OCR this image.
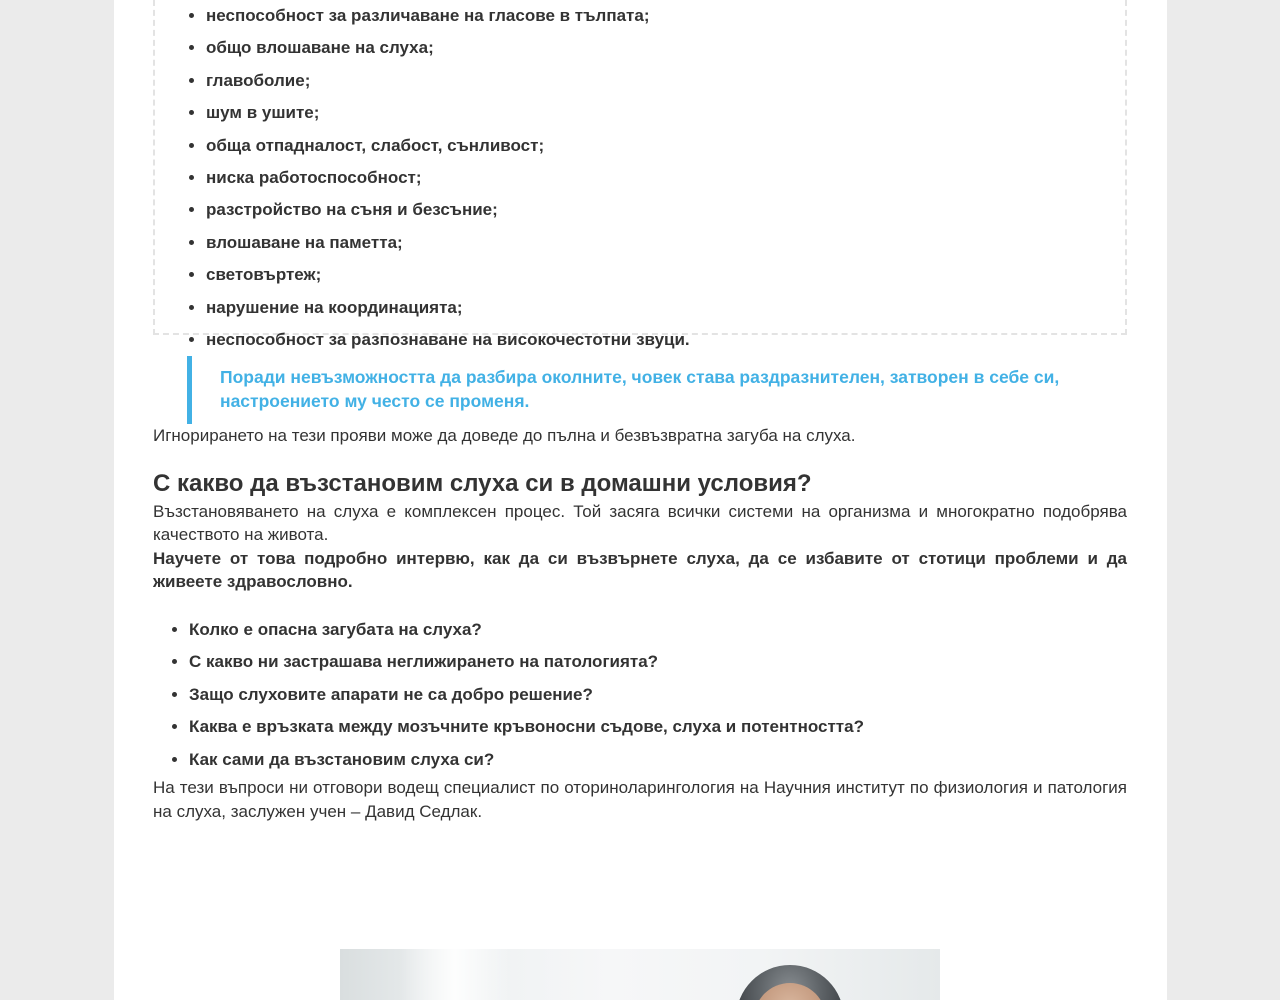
• неспособност за различаване на гласове в тълпата;
• общо влошаване на слуха;
• главоболие;
• шум в ушите;
• обща отпадналост, слабост, сънливост;
• ниска работоспособност;
• разстройство на съня и безсъние;
• влошаване на паметта;
• световъртеж;
• нарушение на координацията;
• неспособност за разпознаване на високочестотни звуци.

Поради невъзможността да разбира околните, човек става раздразнителен, затворен в себе си, настроението му често се променя.

Игнорирането на тези прояви може да доведе до пълна и безвъзвратна загуба на слуха.

С какво да възстановим слуха си в домашни условия?

Възстановяването на слуха е комплексен процес. Той засяга всички системи на организма и многократно подобрява качеството на живота.

Научете от това подробно интервю, как да си възвърнете слуха, да се избавите от стотици проблеми и да живеете здравословно.

• Колко е опасна загубата на слуха?
• С какво ни застрашава неглижирането на патологията?
• Защо слуховите апарати не са добро решение?
• Каква е връзката между мозъчните кръвоносни съдове, слуха и потентността?
• Как сами да възстановим слуха си?

На тези въпроси ни отговори водещ специалист по оториноларингология на Научния институт по физиология и патология на слуха, заслужен учен – Давид Седлак.
